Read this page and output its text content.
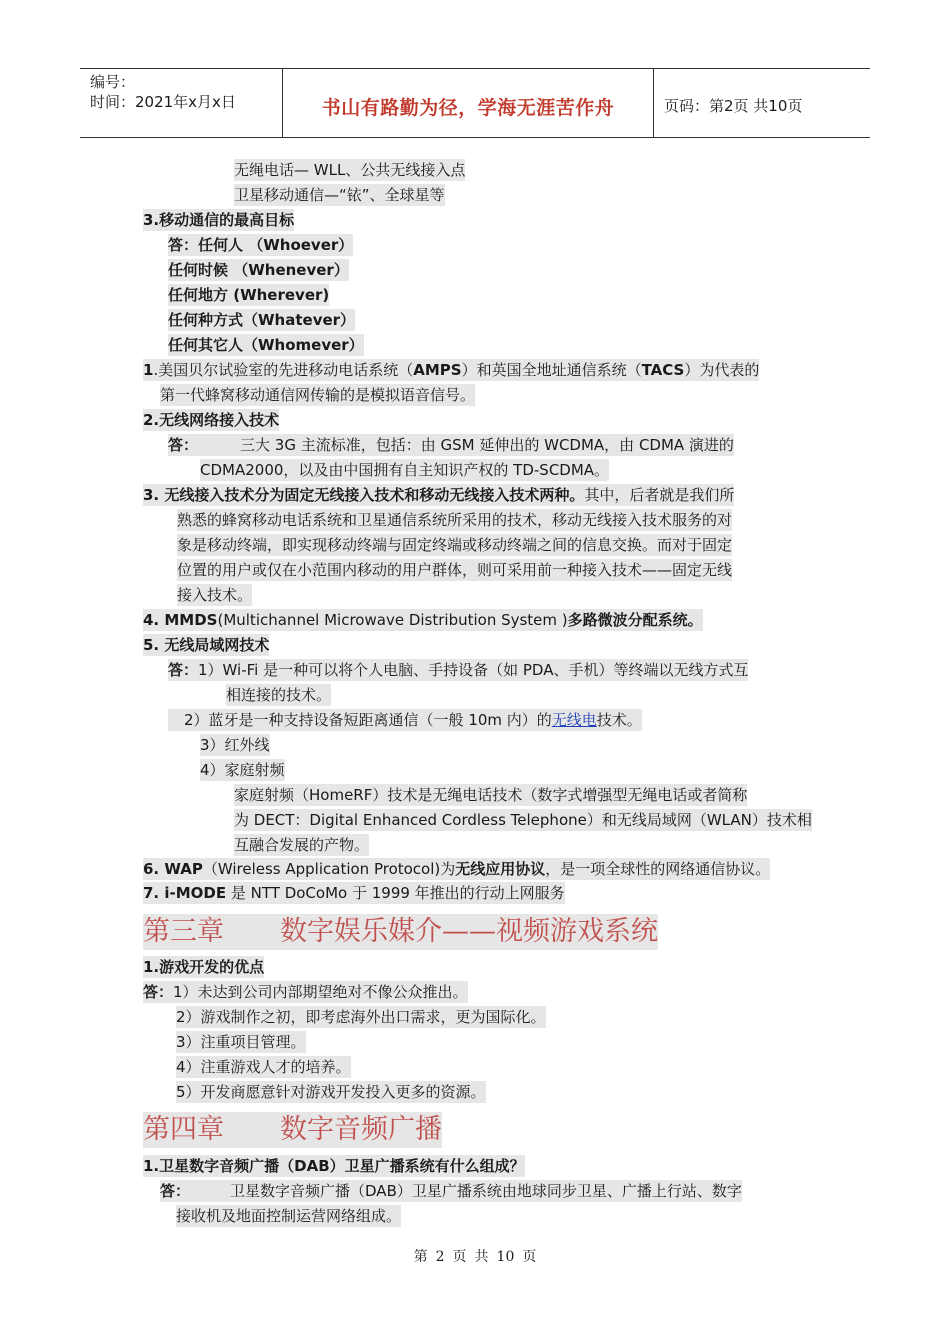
编号：
时间：2021年x月x日	书山有路勤为径，学海无涯苦作舟	页码：第2页 共10页
无绳电话— WLL、公共无线接入点
卫星移动通信—“铱”、全球星等
3.移动通信的最高目标
答：任何人 （Whoever）
任何时候 （Whenever）
任何地方 (Wherever)
任何种方式（Whatever）
任何其它人（Whomever）
1.美国贝尔试验室的先进移动电话系统（AMPS）和英国全地址通信系统（TACS）为代表的
第一代蜂窝移动通信网传输的是模拟语音信号。
2.无线网络接入技术
答：	三大 3G 主流标准，包括：由 GSM 延伸出的 WCDMA，由 CDMA 演进的
CDMA2000，以及由中国拥有自主知识产权的 TD-SCDMA。
3. 无线接入技术分为固定无线接入技术和移动无线接入技术两种。其中，后者就是我们所
熟悉的蜂窝移动电话系统和卫星通信系统所采用的技术，移动无线接入技术服务的对
象是移动终端，即实现移动终端与固定终端或移动终端之间的信息交换。而对于固定
位置的用户或仅在小范围内移动的用户群体，则可采用前一种接入技术——固定无线
接入技术。
4. MMDS(Multichannel Microwave Distribution System )多路微波分配系统。
5. 无线局域网技术
答：1）Wi-Fi 是一种可以将个人电脑、手持设备（如 PDA、手机）等终端以无线方式互
相连接的技术。
2）蓝牙是一种支持设备短距离通信（一般 10m 内）的无线电技术。
3）红外线
4）家庭射频
家庭射频（HomeRF）技术是无绳电话技术（数字式增强型无绳电话或者简称
为 DECT：Digital Enhanced Cordless Telephone）和无线局域网（WLAN）技术相
互融合发展的产物。
6. WAP（Wireless Application Protocol)为无线应用协议，是一项全球性的网络通信协议。
7. i-MODE 是 NTT DoCoMo 于 1999 年推出的行动上网服务
第三章 数字娱乐媒介——视频游戏系统
1.游戏开发的优点
答：1）未达到公司内部期望绝对不像公众推出。
2）游戏制作之初，即考虑海外出口需求，更为国际化。
3）注重项目管理。
4）注重游戏人才的培养。
5）开发商愿意针对游戏开发投入更多的资源。
第四章 数字音频广播
1.卫星数字音频广播（DAB）卫星广播系统有什么组成？
答：	卫星数字音频广播（DAB）卫星广播系统由地球同步卫星、广播上行站、数字
接收机及地面控制运营网络组成。
第 2 页 共 10 页
